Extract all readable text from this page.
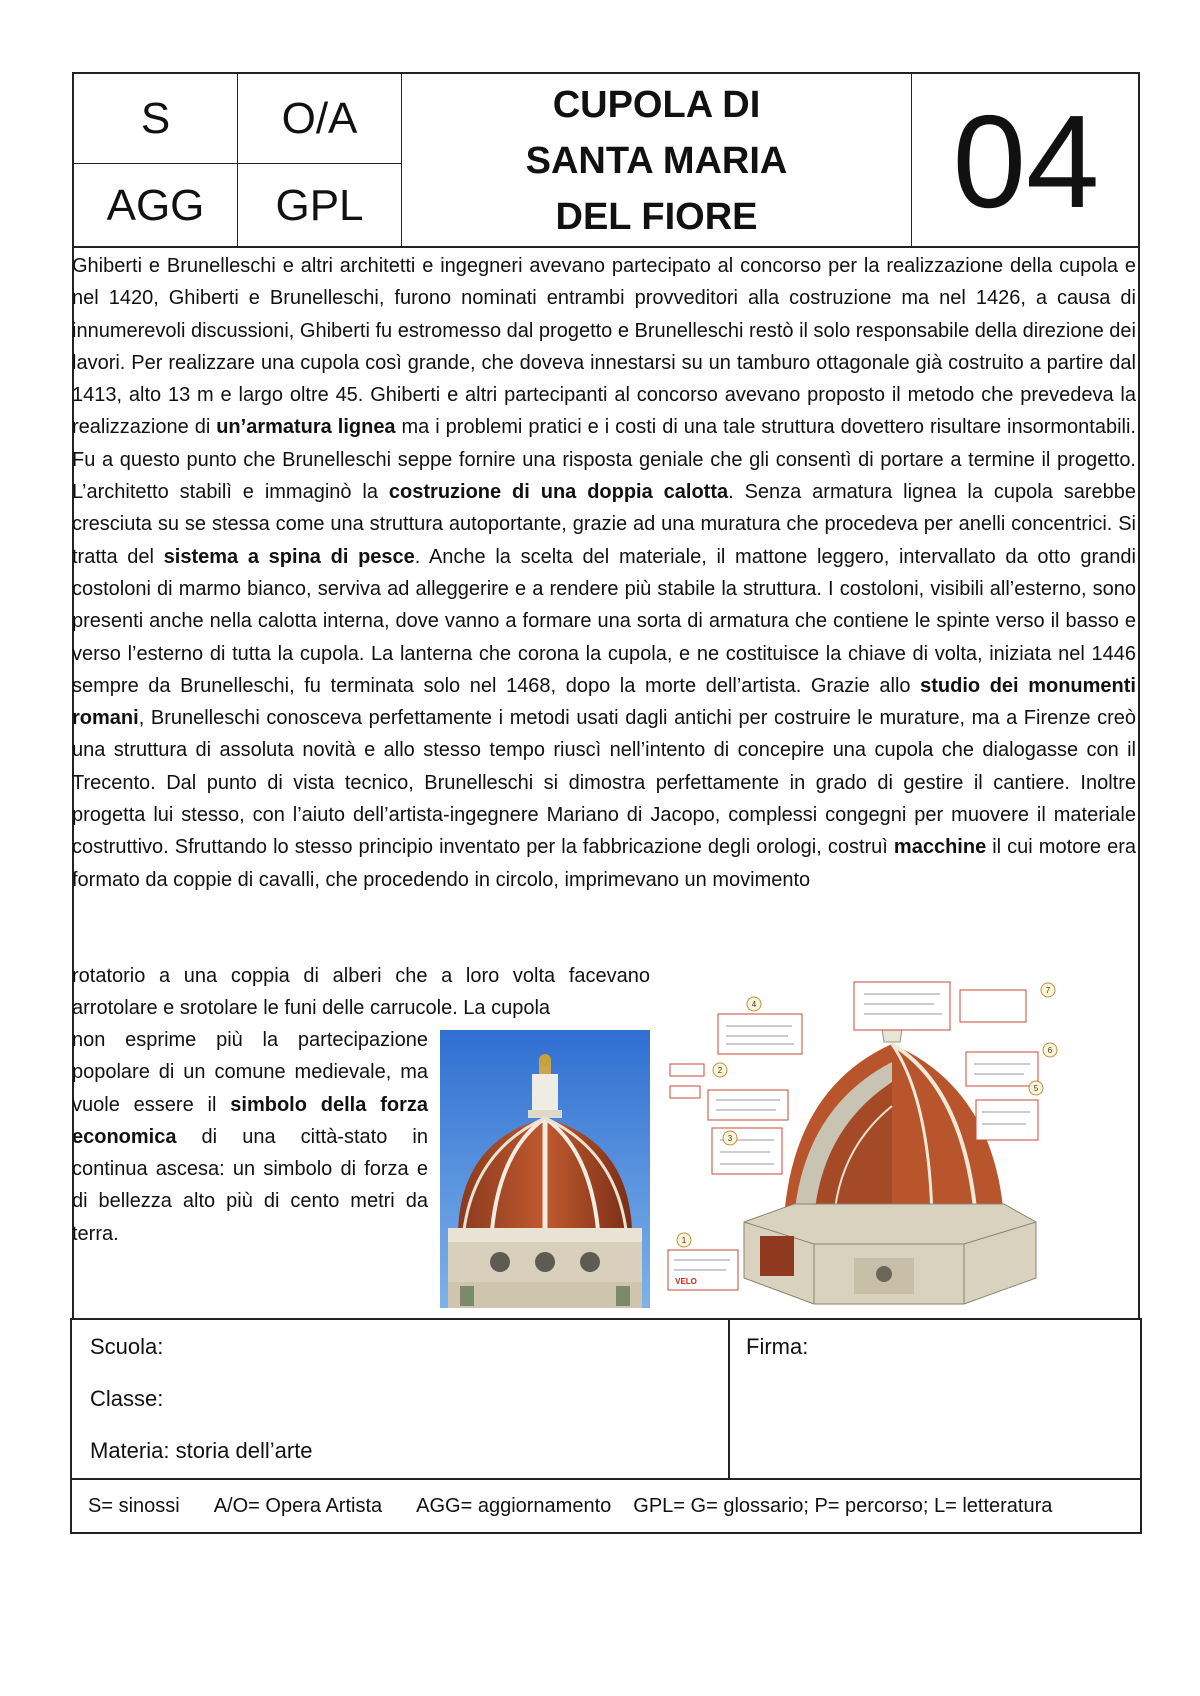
S	O/A
AGG	GPL
CUPOLA DI
SANTA MARIA
DEL FIORE	04

Ghiberti e Brunelleschi e altri architetti e ingegneri avevano partecipato al concorso per la realizzazione della cupola e nel 1420, Ghiberti e Brunelleschi, furono nominati entrambi provveditori alla costruzione ma nel 1426, a causa di innumerevoli discussioni, Ghiberti fu estromesso dal progetto e Brunelleschi restò il solo responsabile della direzione dei lavori. Per realizzare una cupola così grande, che doveva innestarsi su un tamburo ottagonale già costruito a partire dal 1413, alto 13 m e largo oltre 45. Ghiberti e altri partecipanti al concorso avevano proposto il metodo che prevedeva la realizzazione di un’armatura lignea ma i problemi pratici e i costi di una tale struttura dovettero risultare insormontabili. Fu a questo punto che Brunelleschi seppe fornire una risposta geniale che gli consentì di portare a termine il progetto. L’architetto stabilì e immaginò la costruzione di una doppia calotta. Senza armatura lignea la cupola sarebbe cresciuta su se stessa come una struttura autoportante, grazie ad una muratura che procedeva per anelli concentrici. Si tratta del sistema a spina di pesce. Anche la scelta del materiale, il mattone leggero, intervallato da otto grandi costoloni di marmo bianco, serviva ad alleggerire e a rendere più stabile la struttura. I costoloni, visibili all’esterno, sono presenti anche nella calotta interna, dove vanno a formare una sorta di armatura che contiene le spinte verso il basso e verso l’esterno di tutta la cupola. La lanterna che corona la cupola, e ne costituisce la chiave di volta, iniziata nel 1446 sempre da Brunelleschi, fu terminata solo nel 1468, dopo la morte dell’artista. Grazie allo studio dei monumenti romani, Brunelleschi conosceva perfettamente i metodi usati dagli antichi per costruire le murature, ma a Firenze creò una struttura di assoluta novità e allo stesso tempo riuscì nell’intento di concepire una cupola che dialogasse con il Trecento. Dal punto di vista tecnico, Brunelleschi si dimostra perfettamente in grado di gestire il cantiere. Inoltre progetta lui stesso, con l’aiuto dell’artista-ingegnere Mariano di Jacopo, complessi congegni per muovere il materiale costruttivo. Sfruttando lo stesso principio inventato per la fabbricazione degli orologi, costruì macchine il cui motore era formato da coppie di cavalli, che procedendo in circolo, imprimevano un movimento

rotatorio a una coppia di alberi che a loro volta facevano arrotolare e srotolare le funi delle carrucole. La cupola
non esprime più la partecipazione popolare di un comune medievale, ma vuole essere il simbolo della forza economica di una città-stato in continua ascesa: un simbolo di forza e di bellezza alto più di cento metri da terra.
VELO
1
2
3
4
5
6
7
Scuola:
Classe:
Materia: storia dell’arte
Firma:
S= sinossi A/O= Opera Artista AGG= aggiornamento GPL= G= glossario; P= percorso; L= letteratura
